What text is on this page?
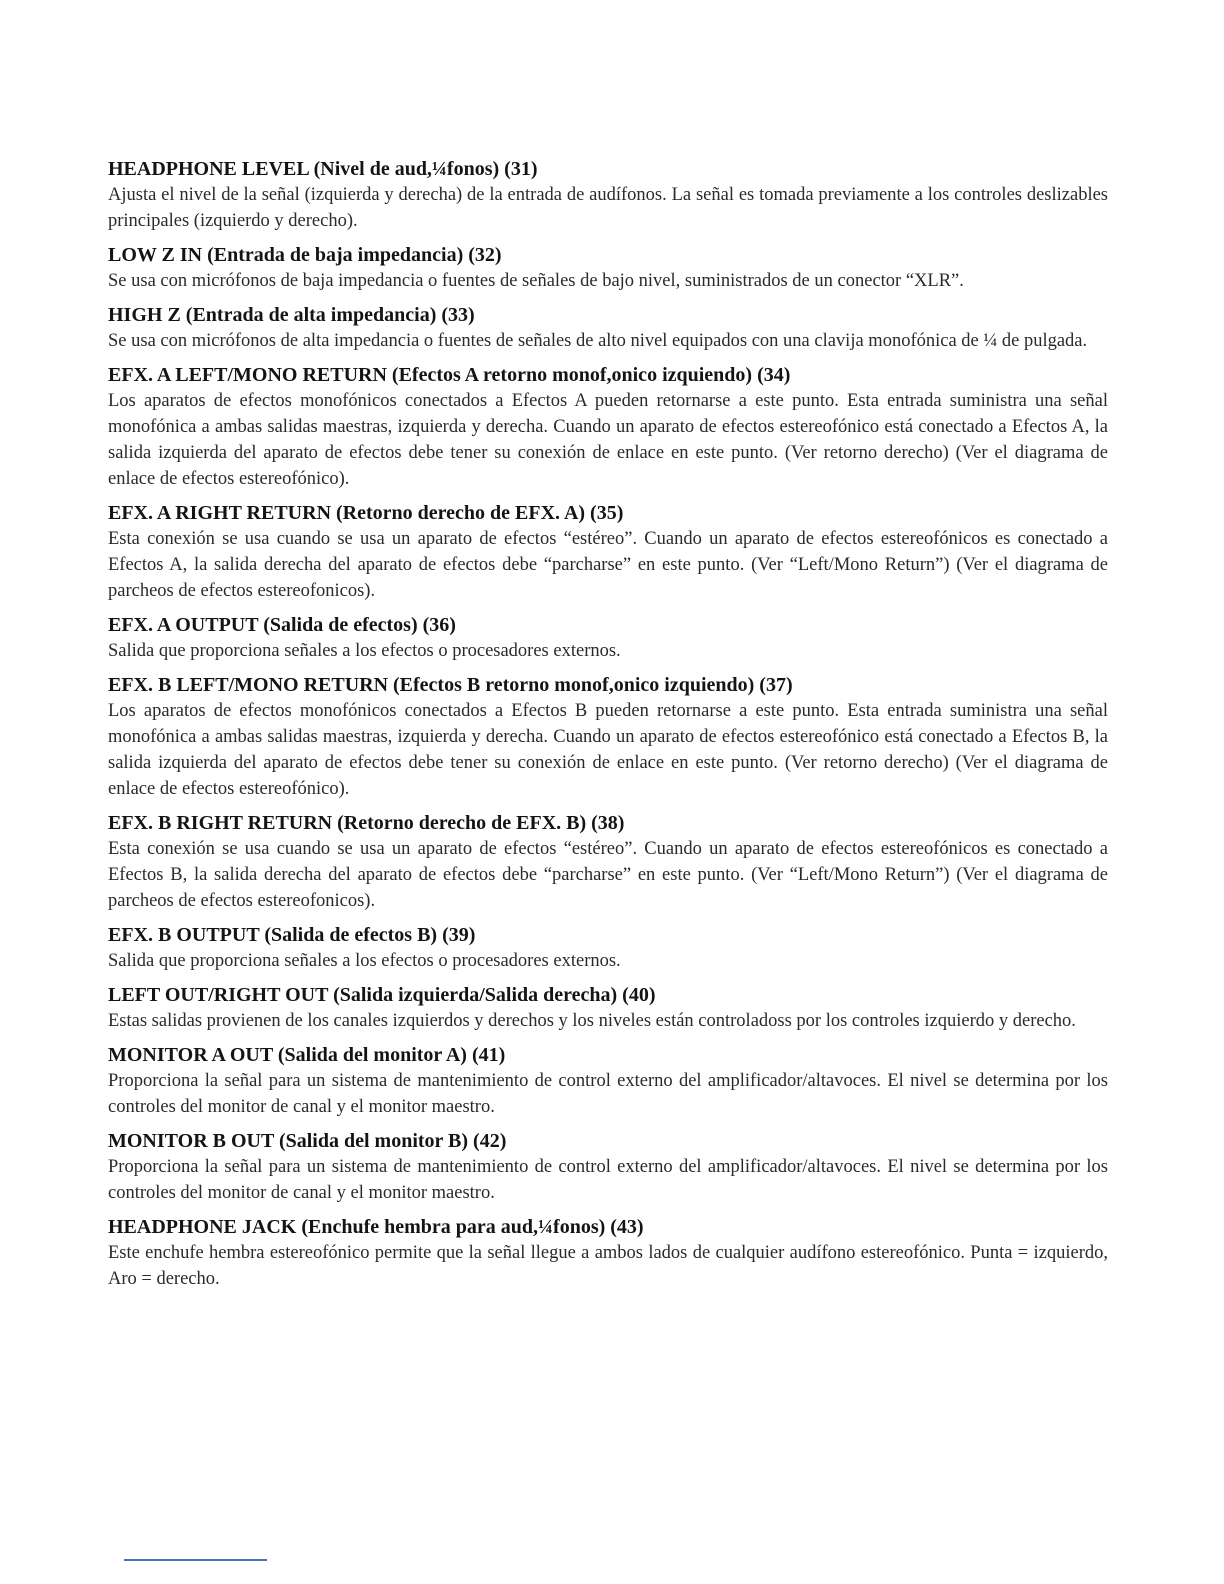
HEADPHONE LEVEL (Nivel de aud,¼fonos) (31)

Ajusta el nivel de la señal (izquierda y derecha) de la entrada de audífonos. La señal es tomada previamente a los controles deslizables principales (izquierdo y derecho).

LOW Z IN (Entrada de baja impedancia) (32)

Se usa con micrófonos de baja impedancia o fuentes de señales de bajo nivel, suministrados de un conector “XLR”.

HIGH Z (Entrada de alta impedancia) (33)

Se usa con micrófonos de alta impedancia o fuentes de señales de alto nivel equipados con una clavija monofónica de ¼ de pulgada.

EFX. A LEFT/MONO RETURN (Efectos A retorno monof,onico izquiendo) (34)

Los aparatos de efectos monofónicos conectados a Efectos A pueden retornarse a este punto. Esta entrada suministra una señal monofónica a ambas salidas maestras, izquierda y derecha. Cuando un aparato de efectos estereofónico está conectado a Efectos A, la salida izquierda del aparato de efectos debe tener su conexión de enlace en este punto. (Ver retorno derecho) (Ver el diagrama de enlace de efectos estereofónico).

EFX. A RIGHT RETURN (Retorno derecho de EFX. A) (35)

Esta conexión se usa cuando se usa un aparato de efectos “estéreo”. Cuando un aparato de efectos estereofónicos es conectado a Efectos A, la salida derecha del aparato de efectos debe “parcharse” en este punto. (Ver “Left/Mono Return”) (Ver el diagrama de parcheos de efectos estereofonicos).

EFX. A OUTPUT (Salida de efectos) (36)

Salida que proporciona señales a los efectos o procesadores externos.

EFX. B LEFT/MONO RETURN (Efectos B retorno monof,onico izquiendo) (37)

Los aparatos de efectos monofónicos conectados a Efectos B pueden retornarse a este punto. Esta entrada suministra una señal monofónica a ambas salidas maestras, izquierda y derecha. Cuando un aparato de efectos estereofónico está conectado a Efectos B, la salida izquierda del aparato de efectos debe tener su conexión de enlace en este punto. (Ver retorno derecho) (Ver el diagrama de enlace de efectos estereofónico).

EFX. B RIGHT RETURN (Retorno derecho de EFX. B) (38)

Esta conexión se usa cuando se usa un aparato de efectos “estéreo”. Cuando un aparato de efectos estereofónicos es conectado a Efectos B, la salida derecha del aparato de efectos debe “parcharse” en este punto. (Ver “Left/Mono Return”) (Ver el diagrama de parcheos de efectos estereofonicos).

EFX. B OUTPUT (Salida de efectos B) (39)

Salida que proporciona señales a los efectos o procesadores externos.

LEFT OUT/RIGHT OUT (Salida izquierda/Salida derecha) (40)

Estas salidas provienen de los canales izquierdos y derechos y los niveles están controladoss por los controles izquierdo y derecho.

MONITOR A OUT (Salida del monitor A) (41)

Proporciona la señal para un sistema de mantenimiento de control externo del amplificador/altavoces. El nivel se determina por los controles del monitor de canal y el monitor maestro.

MONITOR B OUT (Salida del monitor B) (42)

Proporciona la señal para un sistema de mantenimiento de control externo del amplificador/altavoces. El nivel se determina por los controles del monitor de canal y el monitor maestro.

HEADPHONE JACK (Enchufe hembra para aud,¼fonos) (43)

Este enchufe hembra estereofónico permite que la señal llegue a ambos lados de cualquier audífono estereofónico. Punta = izquierdo, Aro = derecho.
